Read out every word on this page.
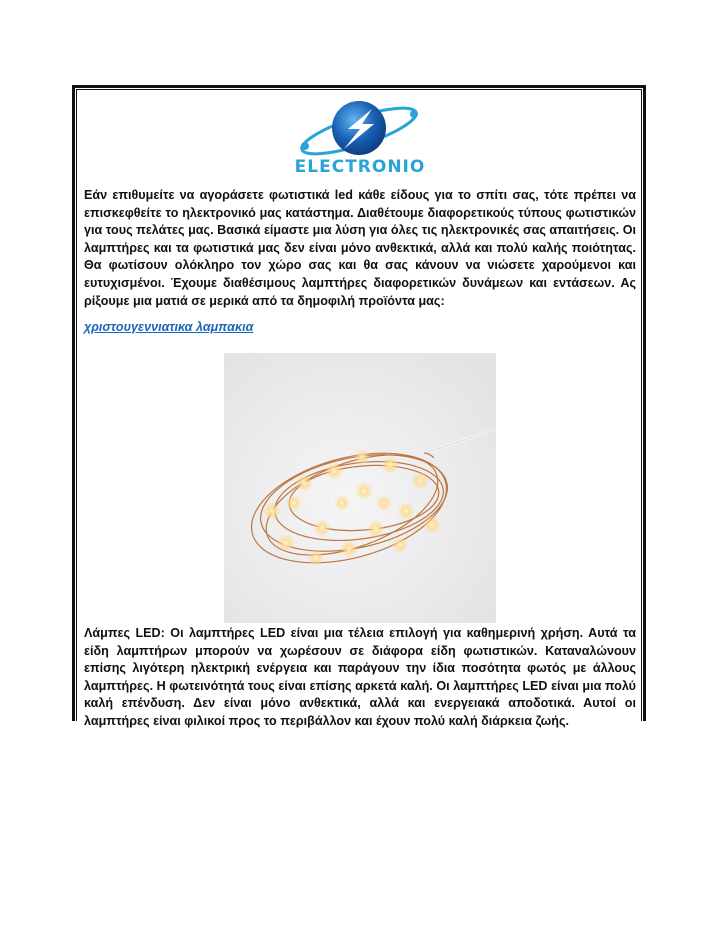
ELECTRONIO

Εάν επιθυμείτε να αγοράσετε φωτιστικά led κάθε είδους για το σπίτι σας, τότε πρέπει να επισκεφθείτε το ηλεκτρονικό μας κατάστημα. Διαθέτουμε διαφορετικούς τύπους φωτιστικών για τους πελάτες μας. Βασικά είμαστε μια λύση για όλες τις ηλεκτρονικές σας απαιτήσεις. Οι λαμπτήρες και τα φωτιστικά μας δεν είναι μόνο ανθεκτικά, αλλά και πολύ καλής ποιότητας. Θα φωτίσουν ολόκληρο τον χώρο σας και θα σας κάνουν να νιώσετε χαρούμενοι και ευτυχισμένοι. Έχουμε διαθέσιμους λαμπτήρες διαφορετικών δυνάμεων και εντάσεων. Ας ρίξουμε μια ματιά σε μερικά από τα δημοφιλή προϊόντα μας:

χριστουγεννιατικα λαμπακια

Λάμπες LED: Οι λαμπτήρες LED είναι μια τέλεια επιλογή για καθημερινή χρήση. Αυτά τα είδη λαμπτήρων μπορούν να χωρέσουν σε διάφορα είδη φωτιστικών. Καταναλώνουν επίσης λιγότερη ηλεκτρική ενέργεια και παράγουν την ίδια ποσότητα φωτός με άλλους λαμπτήρες. Η φωτεινότητά τους είναι επίσης αρκετά καλή. Οι λαμπτήρες LED είναι μια πολύ καλή επένδυση. Δεν είναι μόνο ανθεκτικά, αλλά και ενεργειακά αποδοτικά. Αυτοί οι λαμπτήρες είναι φιλικοί προς το περιβάλλον και έχουν πολύ καλή διάρκεια ζωής.
